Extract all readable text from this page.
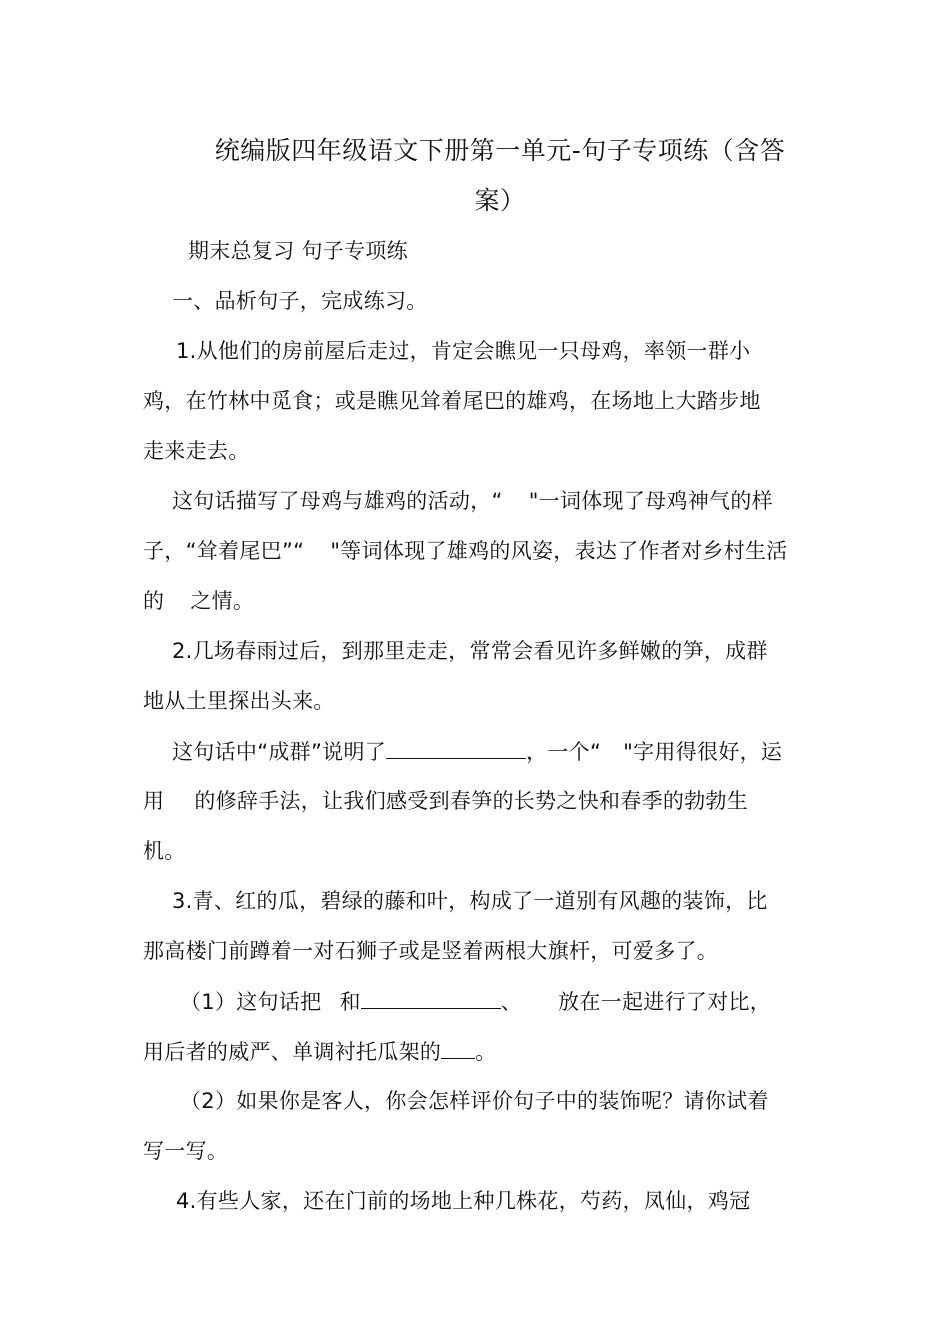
统编版四年级语文下册第一单元-句子专项练（含答
案）
期末总复习 句子专项练
一、品析句子，完成练习。
1.从他们的房前屋后走过，肯定会瞧见一只母鸡，率领一群小
鸡，在竹林中觅食；或是瞧见耸着尾巴的雄鸡，在场地上大踏步地
走来走去。
这句话描写了母鸡与雄鸡的活动，“ "一词体现了母鸡神气的样
子，“耸着尾巴”“ "等词体现了雄鸡的风姿，表达了作者对乡村生活
的 之情。
2.几场春雨过后，到那里走走，常常会看见许多鲜嫩的笋，成群
地从土里探出头来。
这句话中“成群”说明了	，一个“ "字用得很好，运
用 的修辞手法，让我们感受到春笋的长势之快和春季的勃勃生
机。
3.青、红的瓜，碧绿的藤和叶，构成了一道别有风趣的装饰，比
那高楼门前蹲着一对石狮子或是竖着两根大旗杆，可爱多了。
（1）这句话把 和	、 放在一起进行了对比，
用后者的威严、单调衬托瓜架的 。
（2）如果你是客人，你会怎样评价句子中的装饰呢？请你试着
写一写。
4.有些人家，还在门前的场地上种几株花，芍药，凤仙，鸡冠
